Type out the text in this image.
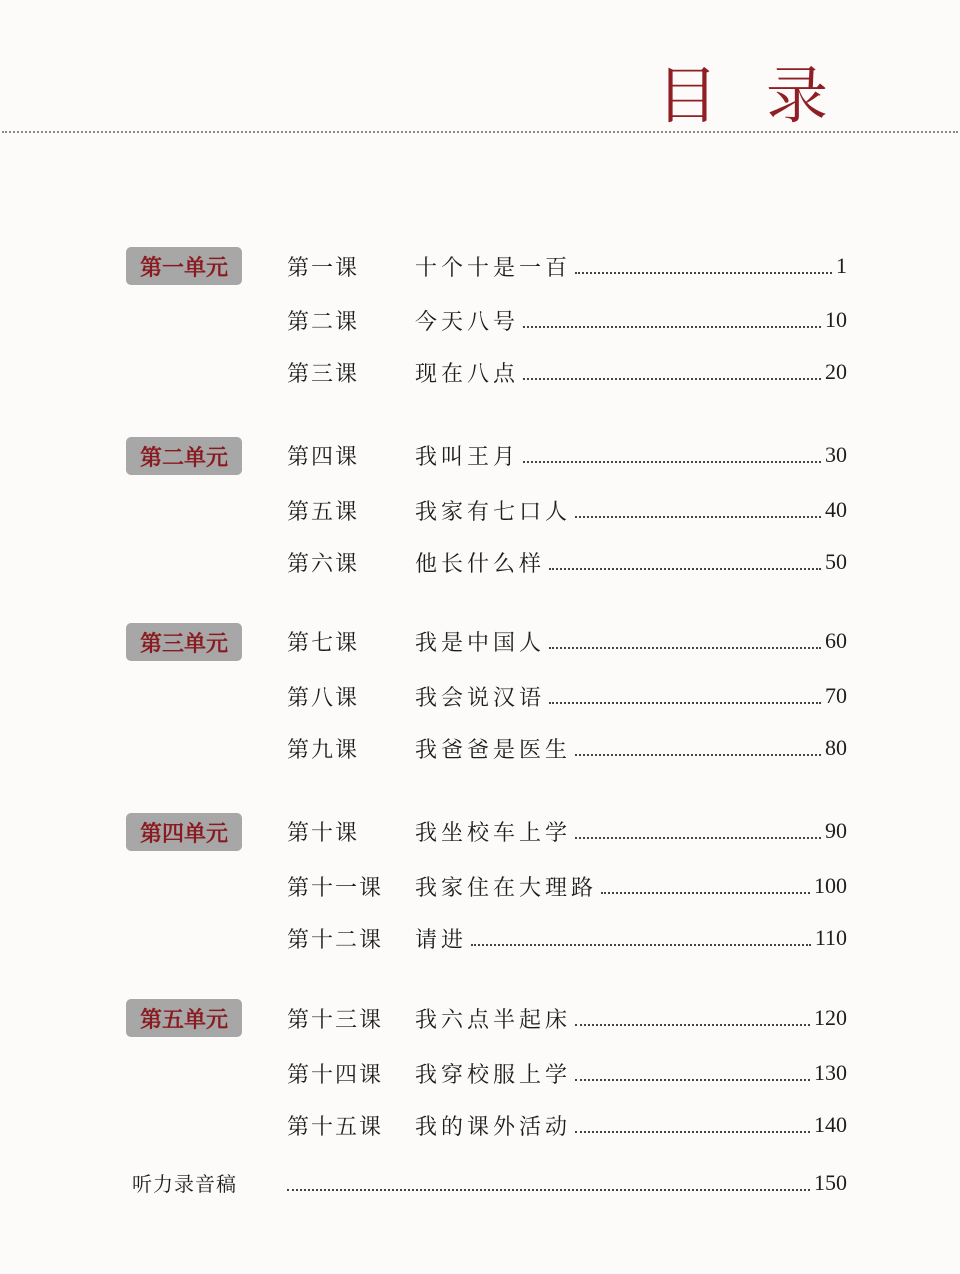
目 录
第一单元	第一课	十个十是一百	1
第二课	今天八号	10
第三课	现在八点	20
第二单元	第四课	我叫王月	30
第五课	我家有七口人	40
第六课	他长什么样	50
第三单元	第七课	我是中国人	60
第八课	我会说汉语	70
第九课	我爸爸是医生	80
第四单元	第十课	我坐校车上学	90
第十一课	我家住在大理路	100
第十二课	请进	110
第五单元	第十三课	我六点半起床	120
第十四课	我穿校服上学	130
第十五课	我的课外活动	140
听力录音稿	150
